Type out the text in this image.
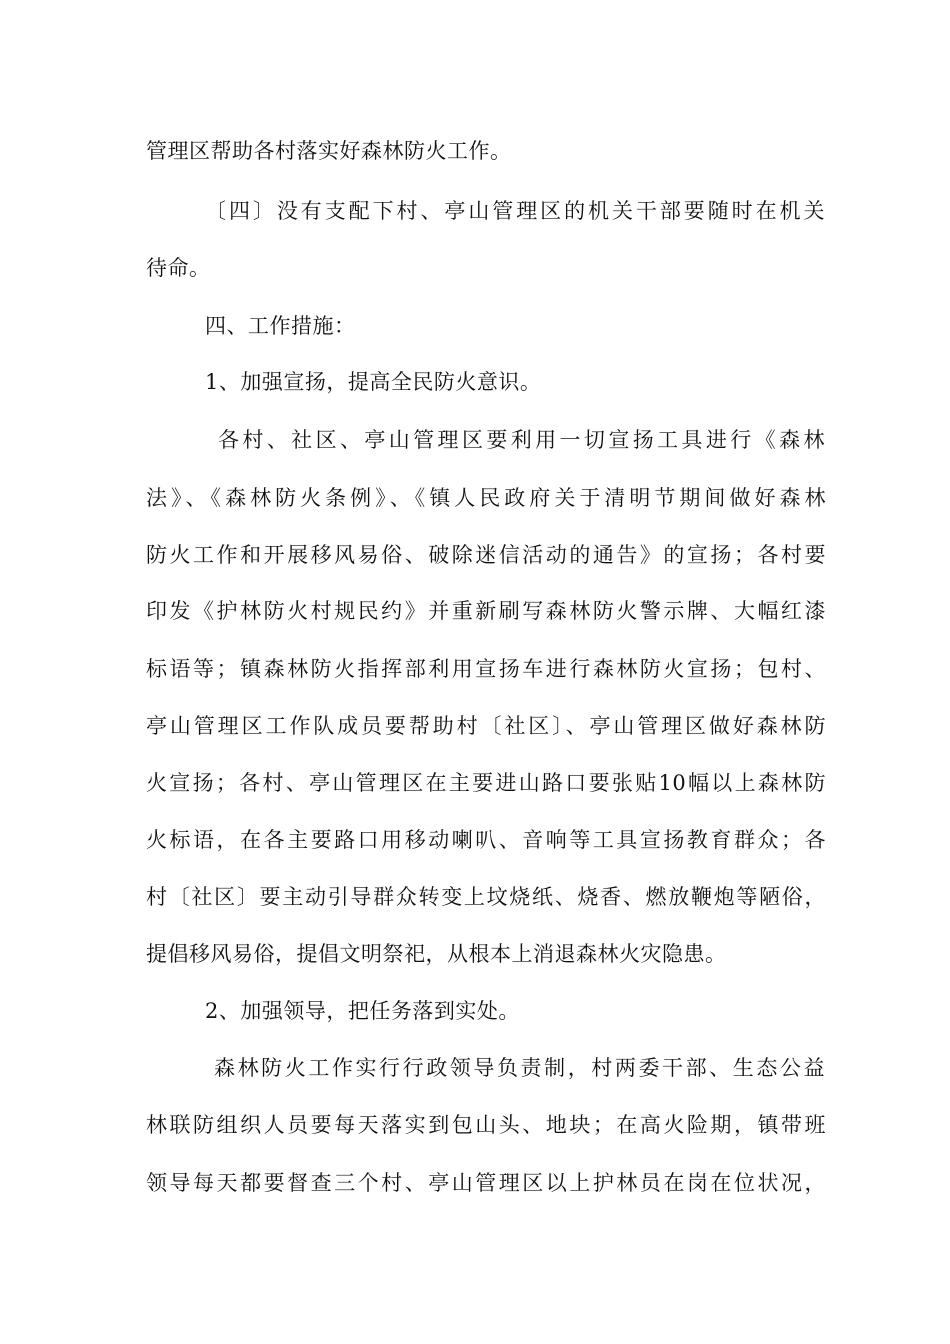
管理区帮助各村落实好森林防火工作。
〔四〕没有支配下村、亭山管理区的机关干部要随时在机关
待命。
四、工作措施：
1、加强宣扬，提高全民防火意识。
各村、社区、亭山管理区要利用一切宣扬工具进行《森林
法》、《森林防火条例》、《镇人民政府关于清明节期间做好森林
防火工作和开展移风易俗、破除迷信活动的通告》的宣扬；各村要
印发《护林防火村规民约》并重新刷写森林防火警示牌、大幅红漆
标语等；镇森林防火指挥部利用宣扬车进行森林防火宣扬；包村、
亭山管理区工作队成员要帮助村〔社区〕、亭山管理区做好森林防
火宣扬；各村、亭山管理区在主要进山路口要张贴10幅以上森林防
火标语，在各主要路口用移动喇叭、音响等工具宣扬教育群众；各
村〔社区〕要主动引导群众转变上坟烧纸、烧香、燃放鞭炮等陋俗，
提倡移风易俗，提倡文明祭祀，从根本上消退森林火灾隐患。
2、加强领导，把任务落到实处。
森林防火工作实行行政领导负责制，村两委干部、生态公益
林联防组织人员要每天落实到包山头、地块；在高火险期，镇带班
领导每天都要督查三个村、亭山管理区以上护林员在岗在位状况，
